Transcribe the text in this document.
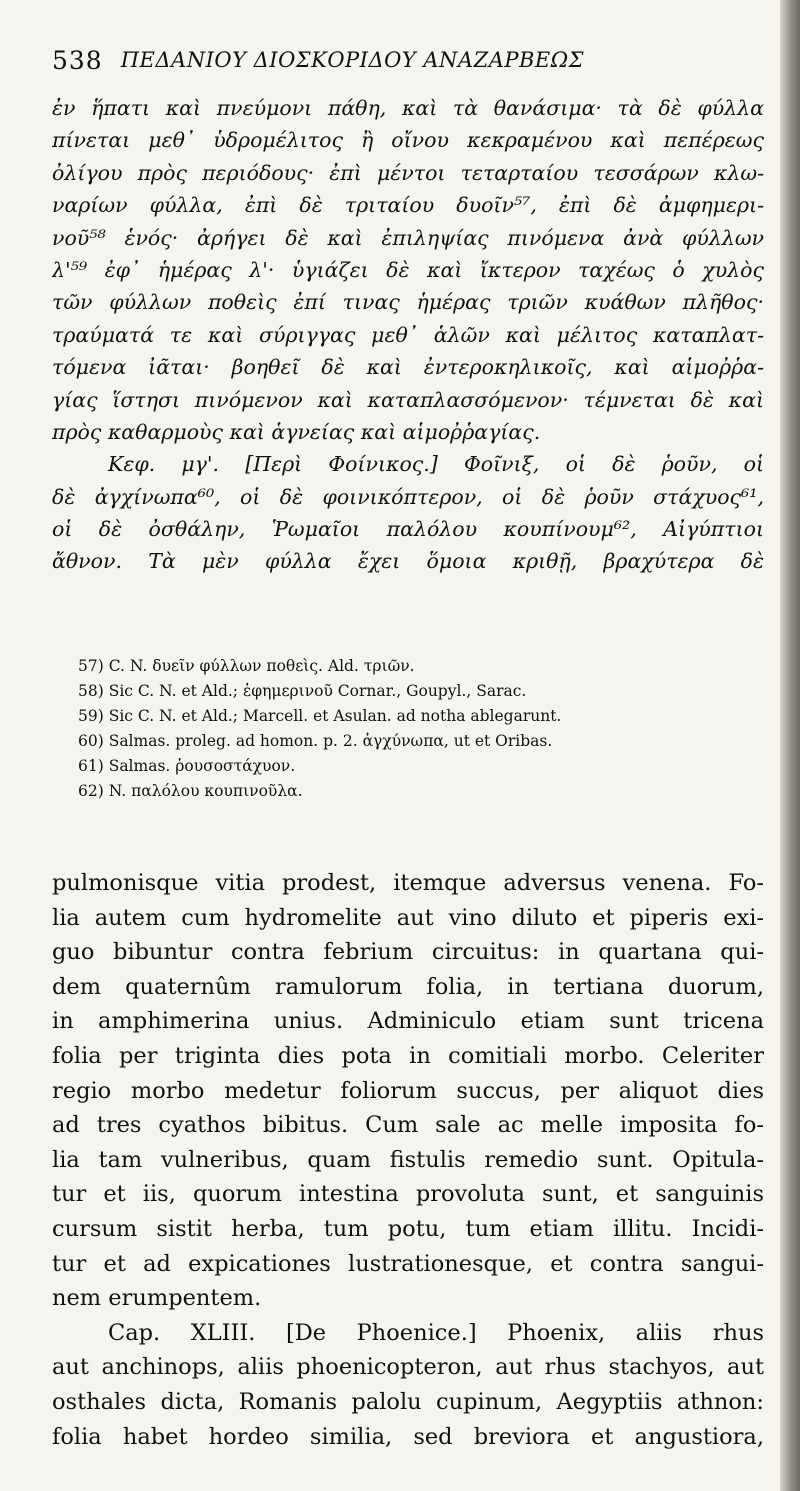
538 ΠΕΔΑΝΙΟΥ ΔΙΟΣΚΟΡΙΔΟΥ ΑΝΑΖΑΡΒΕΩΣ
ἐν ἥπατι καὶ πνεύμονι πάθη, καὶ τὰ θανάσιμα· τὰ δὲ φύλλα
πίνεται μεθ᾽ ὑδρομέλιτος ἢ οἴνου κεκραμένου καὶ πεπέρεως
ὀλίγου πρὸς περιόδους· ἐπὶ μέντοι τεταρταίου τεσσάρων κλω-
ναρίων φύλλα, ἐπὶ δὲ τριταίου δυοῖν⁵⁷, ἐπὶ δὲ ἀμφημερι-
νοῦ⁵⁸ ἑνός· ἀρήγει δὲ καὶ ἐπιληψίας πινόμενα ἀνὰ φύλλων
λ'⁵⁹ ἐφ᾽ ἡμέρας λ'· ὑγιάζει δὲ καὶ ἴκτερον ταχέως ὁ χυλὸς
τῶν φύλλων ποθεὶς ἐπί τινας ἡμέρας τριῶν κυάθων πλῆθος·
τραύματά τε καὶ σύριγγας μεθ᾽ ἁλῶν καὶ μέλιτος καταπλατ-
τόμενα ἰᾶται· βοηθεῖ δὲ καὶ ἐντεροκηλικοῖς, καὶ αἱμοῤῥα-
γίας ἵστησι πινόμενον καὶ καταπλασσόμενον· τέμνεται δὲ καὶ
πρὸς καθαρμοὺς καὶ ἁγνείας καὶ αἱμοῤῥαγίας.
Κεφ. μγ'. [Περὶ Φοίνικος.] Φοῖνιξ, οἱ δὲ ῥοῦν, οἱ
δὲ ἀγχίνωπα⁶⁰, οἱ δὲ φοινικόπτερον, οἱ δὲ ῥοῦν στάχυος⁶¹,
οἱ δὲ ὀσθάλην, Ῥωμαῖοι παλόλου κουπίνουμ⁶², Αἰγύπτιοι
ἄθνον. Τὰ μὲν φύλλα ἔχει ὅμοια κριθῇ, βραχύτερα δὲ
57) C. N. δυεῖν φύλλων ποθεὶς. Ald. τριῶν.
58) Sic C. N. et Ald.; ἐφημερινοῦ Cornar., Goupyl., Sarac.
59) Sic C. N. et Ald.; Marcell. et Asulan. ad notha ablegarunt.
60) Salmas. proleg. ad homon. p. 2. ἀγχύνωπα, ut et Oribas.
61) Salmas. ῥουσοστάχυον.
62) N. παλόλου κουπινοῦλα.
pulmonisque vitia prodest, itemque adversus venena. Fo-
lia autem cum hydromelite aut vino diluto et piperis exi-
guo bibuntur contra febrium circuitus: in quartana qui-
dem quaternûm ramulorum folia, in tertiana duorum,
in amphimerina unius. Adminiculo etiam sunt tricena
folia per triginta dies pota in comitiali morbo. Celeriter
regio morbo medetur foliorum succus, per aliquot dies
ad tres cyathos bibitus. Cum sale ac melle imposita fo-
lia tam vulneribus, quam fistulis remedio sunt. Opitula-
tur et iis, quorum intestina provoluta sunt, et sanguinis
cursum sistit herba, tum potu, tum etiam illitu. Incidi-
tur et ad expicationes lustrationesque, et contra sangui-
nem erumpentem.
Cap. XLIII. [De Phoenice.] Phoenix, aliis rhus
aut anchinops, aliis phoenicopteron, aut rhus stachyos, aut
osthales dicta, Romanis palolu cupinum, Aegyptiis athnon:
folia habet hordeo similia, sed breviora et angustiora,
